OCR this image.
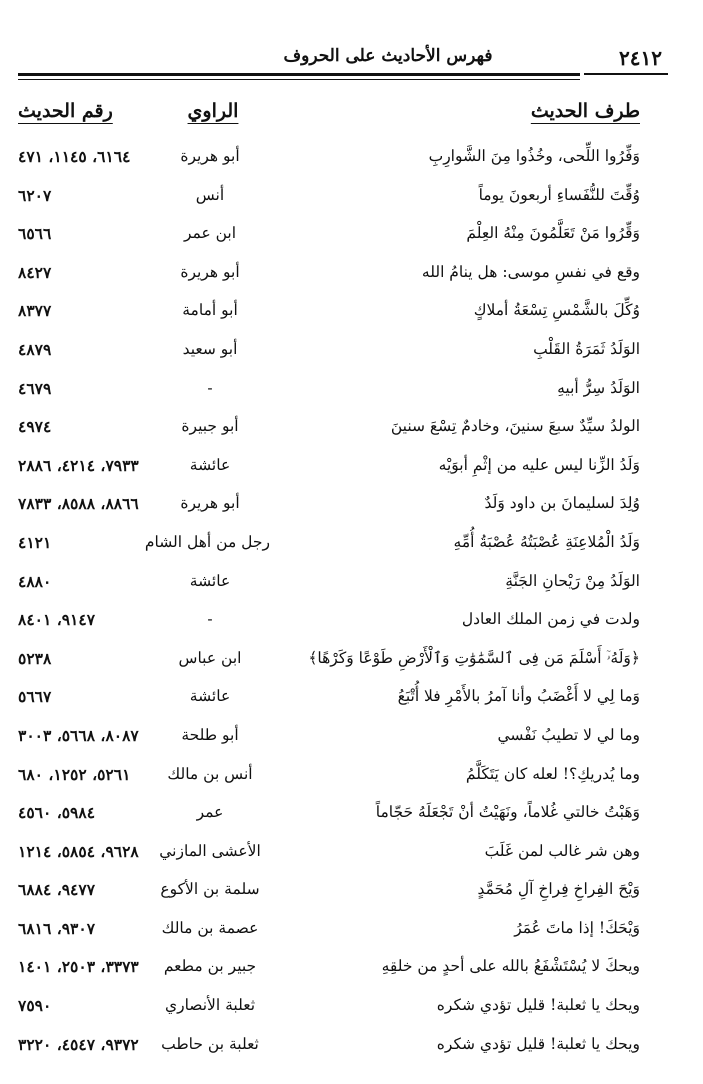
٢٤١٢
فهرس الأحاديث على الحروف
طرف الحديث
الراوي
رقم الحديث
وَفِّرُوا اللِّحى، وخُذُوا مِنَ الشَّوارِبِ
أبو هريرة
٦١٦٤، ١١٤٥، ٤٧١
وُقِّتَ للنُّفَساءِ أربعونَ يوماً
أنس
٦٢٠٧
وَقِّرُوا مَنْ تَعَلَّمُونَ مِنْهُ العِلْمَ
ابن عمر
٦٥٦٦
وقع في نفسِ موسى: هل ينامُ الله
أبو هريرة
٨٤٢٧
وُكِّلَ بالشَّمْسِ تِسْعَةُ أملاكٍ
أبو أمامة
٨٣٧٧
الوَلَدُ ثَمَرَةُ القَلْبِ
أبو سعيد
٤٨٧٩
الوَلَدُ سِرُّ أبيهِ
-
٤٦٧٩
الولدُ سيِّدٌ سبعَ سنينَ، وخادمٌ تِسْعَ سنينَ
أبو جبيرة
٤٩٧٤
وَلَدُ الزِّنا ليس عليه من إثْمِ أبوَيْه
عائشة
٧٩٣٣، ٤٢١٤، ٢٨٨٦
وُلِدَ لسليمانَ بن داود وَلَدٌ
أبو هريرة
٨٨٦٦، ٨٥٨٨، ٧٨٣٣
وَلَدُ الْمُلاعِنَةِ عُصْبَتُهُ عُصْبَةُ أُمِّهِ
رجل من أهل الشام
٤١٢١
الوَلَدُ مِنْ رَيْحانِ الجَنَّةِ
عائشة
٤٨٨٠
ولدت في زمن الملك العادل
-
٩١٤٧، ٨٤٠١
﴿وَلَهُۥٓ أَسْلَمَ مَن فِى ٱلسَّمَٰوَٰتِ وَٱلْأَرْضِ طَوْعًا وَكَرْهًا﴾
ابن عباس
٥٢٣٨
وَما لِي لا أَغْضَبُ وأنا آمرُ بالأَمْرِ فلا أُتْبَعُ
عائشة
٥٦٦٧
وما لي لا تطيبُ نَفْسي
أبو طلحة
٨٠٨٧، ٥٦٦٨، ٣٠٠٣
وما يُدريكِ؟! لعله كان يَتَكَلَّمُ
أنس بن مالك
٥٢٦١، ١٢٥٢، ٦٨٠
وَهَبْتُ خالتي غُلاماً، ونَهَيْتُ أنْ تَجْعَلَهُ حَجّاماً
عمر
٥٩٨٤، ٤٥٦٠
وهن شر غالب لمن غَلَبَ
الأعشى المازني
٩٦٢٨، ٥٨٥٤، ١٢١٤
وَيْحَ الفِراخِ فِراخِ آلِ مُحَمَّدٍ
سلمة بن الأكوع
٩٤٧٧، ٦٨٨٤
وَيْحَكَ! إذا ماتَ عُمَرُ
عصمة بن مالك
٩٣٠٧، ٦٨١٦
ويحكَ لا يُسْتَشْفَعُ بالله على أحدٍ من خلقِهِ
جبير بن مطعم
٣٣٧٣، ٢٥٠٣، ١٤٠١
ويحك يا ثعلبة! قليل تؤدي شكره
ثعلبة الأنصاري
٧٥٩٠
ويحك يا ثعلبة! قليل تؤدي شكره
ثعلبة بن حاطب
٩٣٧٢، ٤٥٤٧، ٣٢٢٠
